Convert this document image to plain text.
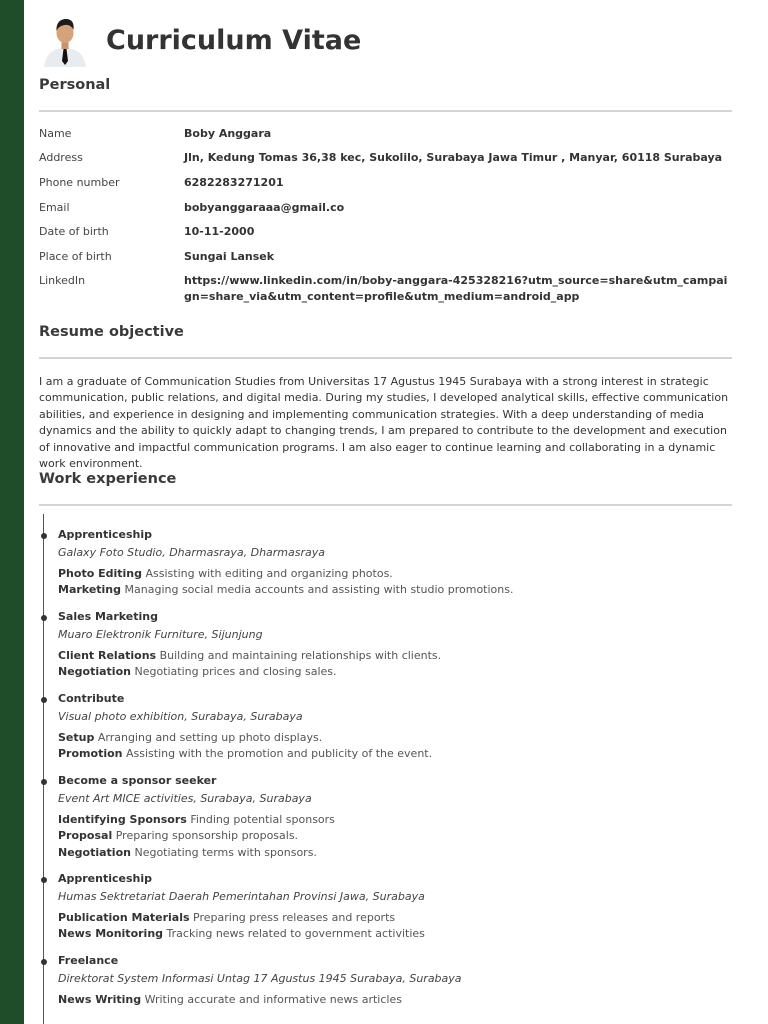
Curriculum Vitae
Personal
Name	Boby Anggara
Address	Jln, Kedung Tomas 36,38 kec, Sukolilo, Surabaya Jawa Timur , Manyar, 60118 Surabaya
Phone number	6282283271201
Email	bobyanggaraaa@gmail.co
Date of birth	10-11-2000
Place of birth	Sungai Lansek
LinkedIn	https://www.linkedin.com/in/boby-anggara-425328216?utm_source=share&utm_campaign=share_via&utm_content=profile&utm_medium=android_app
Resume objective
I am a graduate of Communication Studies from Universitas 17 Agustus 1945 Surabaya with a strong interest in strategic communication, public relations, and digital media. During my studies, I developed analytical skills, effective communication abilities, and experience in designing and implementing communication strategies. With a deep understanding of media dynamics and the ability to quickly adapt to changing trends, I am prepared to contribute to the development and execution of innovative and impactful communication programs. I am also eager to continue learning and collaborating in a dynamic work environment.
Work experience
Apprenticeship
Galaxy Foto Studio, Dharmasraya, Dharmasraya
Photo Editing Assisting with editing and organizing photos.
Marketing Managing social media accounts and assisting with studio promotions.
Sales Marketing
Muaro Elektronik Furniture, Sijunjung
Client Relations Building and maintaining relationships with clients.
Negotiation Negotiating prices and closing sales.
Contribute
Visual photo exhibition, Surabaya, Surabaya
Setup Arranging and setting up photo displays.
Promotion Assisting with the promotion and publicity of the event.
Become a sponsor seeker
Event Art MICE activities, Surabaya, Surabaya
Identifying Sponsors Finding potential sponsors
Proposal Preparing sponsorship proposals.
Negotiation Negotiating terms with sponsors.
Apprenticeship
Humas Sektretariat Daerah Pemerintahan Provinsi Jawa, Surabaya
Publication Materials Preparing press releases and reports
News Monitoring Tracking news related to government activities
Freelance
Direktorat System Informasi Untag 17 Agustus 1945 Surabaya, Surabaya
News Writing Writing accurate and informative news articles
